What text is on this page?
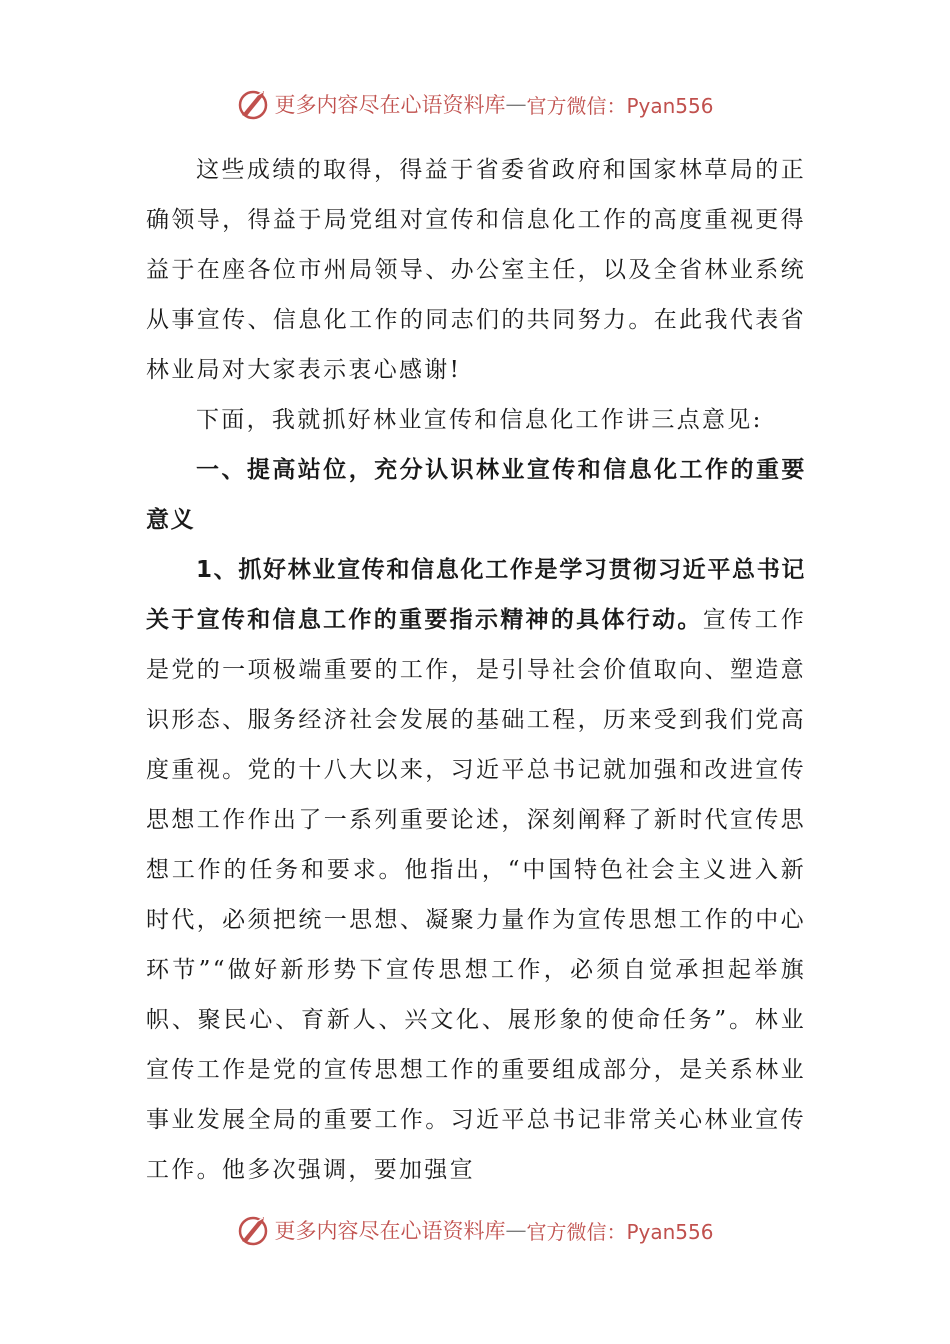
更多内容尽在心语资料库 — 官方微信：Pyan556

这些成绩的取得，得益于省委省政府和国家林草局的正确领导，得益于局党组对宣传和信息化工作的高度重视更得益于在座各位市州局领导、办公室主任，以及全省林业系统从事宣传、信息化工作的同志们的共同努力。在此我代表省林业局对大家表示衷心感谢!

下面，我就抓好林业宣传和信息化工作讲三点意见:

一、提高站位，充分认识林业宣传和信息化工作的重要意义

1、抓好林业宣传和信息化工作是学习贯彻习近平总书记关于宣传和信息工作的重要指示精神的具体行动。宣传工作是党的一项极端重要的工作，是引导社会价值取向、塑造意识形态、服务经济社会发展的基础工程，历来受到我们党高度重视。党的十八大以来，习近平总书记就加强和改进宣传思想工作作出了一系列重要论述，深刻阐释了新时代宣传思想工作的任务和要求。他指出，“中国特色社会主义进入新时代，必须把统一思想、凝聚力量作为宣传思想工作的中心环节”“做好新形势下宣传思想工作，必须自觉承担起举旗帜、聚民心、育新人、兴文化、展形象的使命任务”。林业宣传工作是党的宣传思想工作的重要组成部分，是关系林业事业发展全局的重要工作。习近平总书记非常关心林业宣传工作。他多次强调，要加强宣

更多内容尽在心语资料库 — 官方微信：Pyan556
